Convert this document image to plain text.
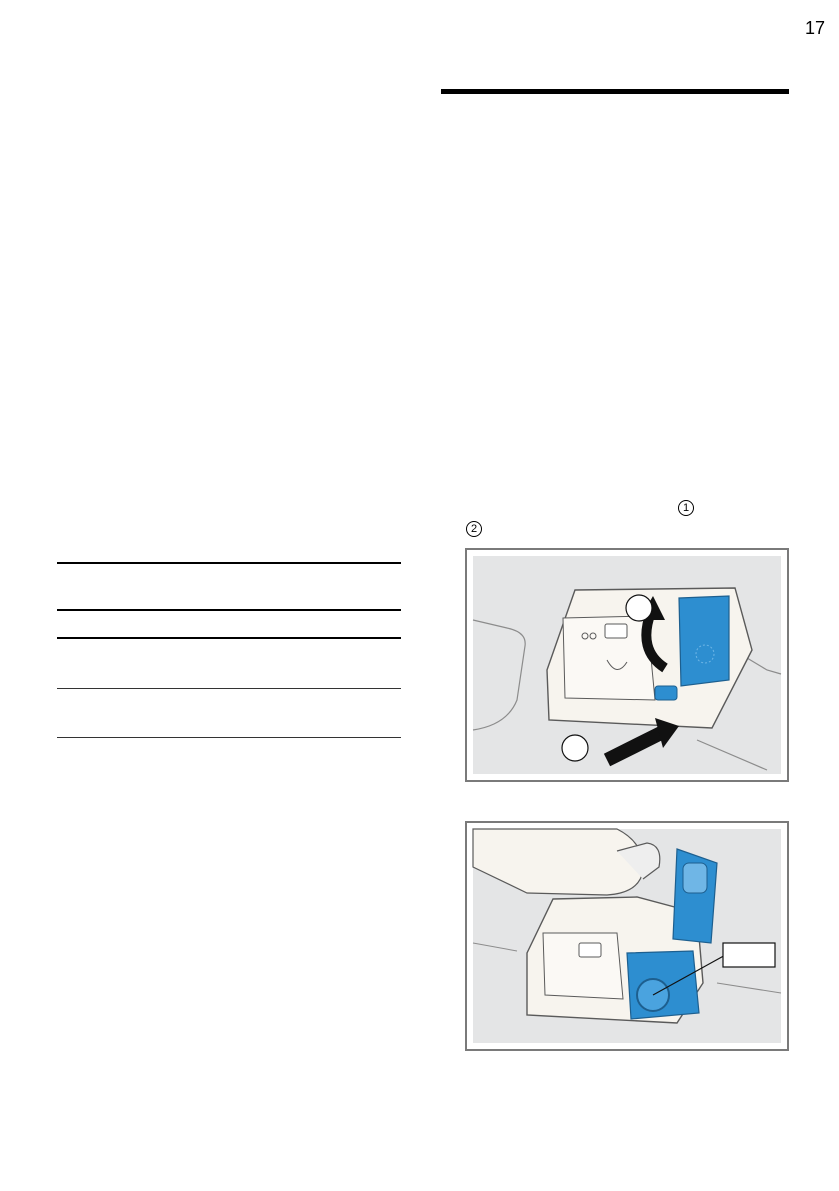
17
1
2
